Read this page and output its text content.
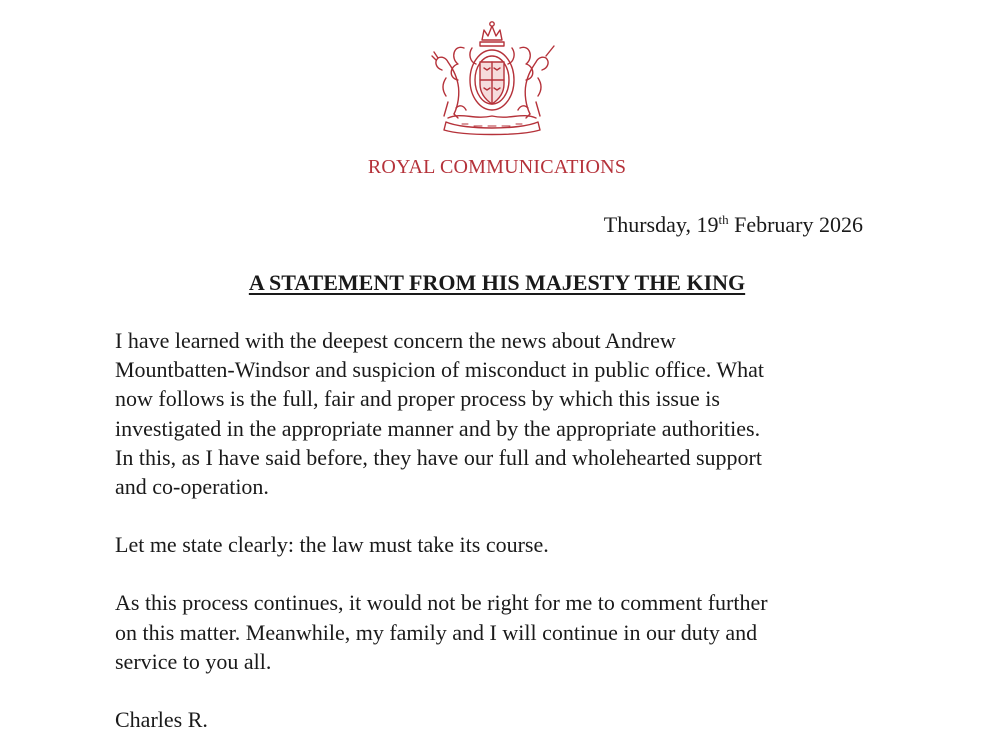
ROYAL COMMUNICATIONS
Thursday, 19th February 2026
A STATEMENT FROM HIS MAJESTY THE KING

I have learned with the deepest concern the news about Andrew
Mountbatten-Windsor and suspicion of misconduct in public office. What
now follows is the full, fair and proper process by which this issue is
investigated in the appropriate manner and by the appropriate authorities.
In this, as I have said before, they have our full and wholehearted support
and co-operation.

Let me state clearly: the law must take its course.

As this process continues, it would not be right for me to comment further
on this matter. Meanwhile, my family and I will continue in our duty and
service to you all.

Charles R.
